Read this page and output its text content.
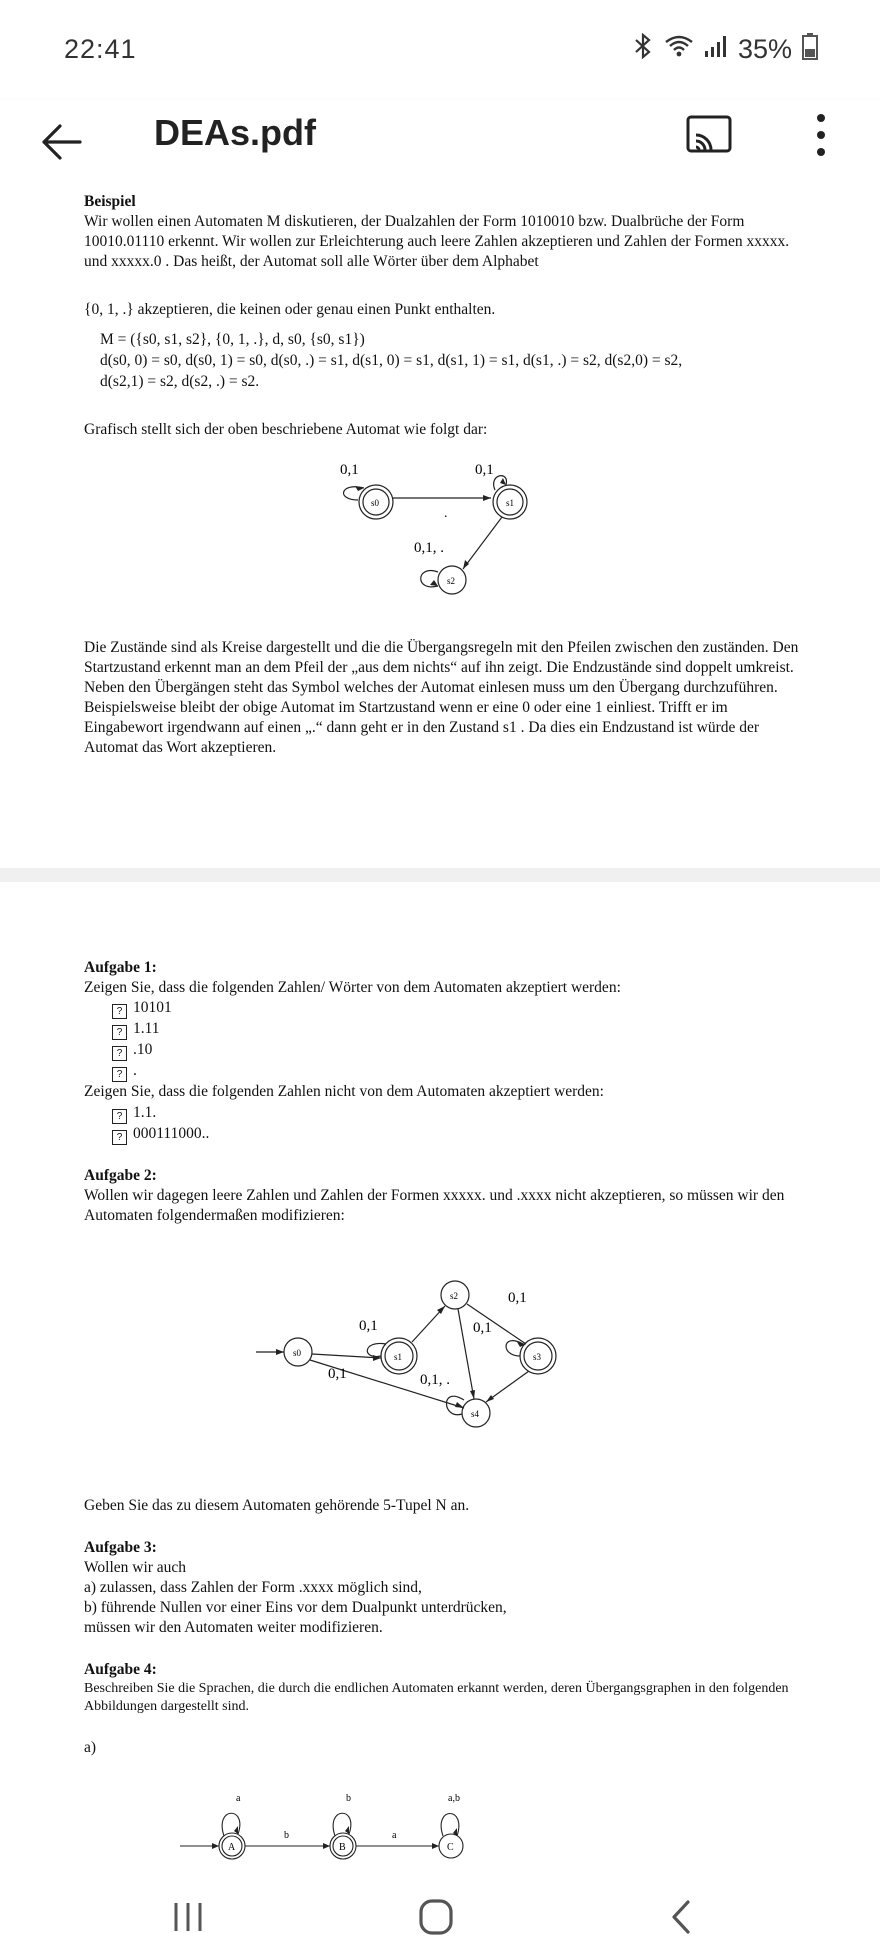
22:41	35%
DEAs.pdf
Beispiel
Wir wollen einen Automaten M diskutieren, der Dualzahlen der Form 1010010 bzw. Dualbrüche der Form 10010.01110 erkennt. Wir wollen zur Erleichterung auch leere Zahlen akzeptieren und Zahlen der Formen xxxxx. und xxxxx.0 . Das heißt, der Automat soll alle Wörter über dem Alphabet
{0, 1, .} akzeptieren, die keinen oder genau einen Punkt enthalten.
M = ({s0, s1, s2}, {0, 1, .}, d, s0, {s0, s1})
d(s0, 0) = s0, d(s0, 1) = s0, d(s0, .) = s1, d(s1, 0) = s1, d(s1, 1) = s1, d(s1, .) = s2, d(s2,0) = s2,
d(s2,1) = s2, d(s2, .) = s2.
Grafisch stellt sich der oben beschriebene Automat wie folgt dar:
0,1	0,1
0,1, .
s0	s1
s2
.
Die Zustände sind als Kreise dargestellt und die die Übergangsregeln mit den Pfeilen zwischen den zuständen. Den Startzustand erkennt man an dem Pfeil der „aus dem nichts“ auf ihn zeigt. Die Endzustände sind doppelt umkreist. Neben den Übergängen steht das Symbol welches der Automat einlesen muss um den Übergang durchzuführen. Beispielsweise bleibt der obige Automat im Startzustand wenn er eine 0 oder eine 1 einliest. Trifft er im Eingabewort irgendwann auf einen „.“ dann geht er in den Zustand s1 . Da dies ein Endzustand ist würde der Automat das Wort akzeptieren.
Aufgabe 1:
Zeigen Sie, dass die folgenden Zahlen/ Wörter von dem Automaten akzeptiert werden:
? 10101
? 1.11
? .10
? .
Zeigen Sie, dass die folgenden Zahlen nicht von dem Automaten akzeptiert werden:
? 1.1.
? 000111000..
Aufgabe 2:
Wollen wir dagegen leere Zahlen und Zahlen der Formen xxxxx. und .xxxx nicht akzeptieren, so müssen wir den Automaten folgendermaßen modifizieren:
0,1
0,1
0,1
0,1
0,1, .
s0	s1
s2
s3
s4
Geben Sie das zu diesem Automaten gehörende 5-Tupel N an.
Aufgabe 3:
Wollen wir auch
a) zulassen, dass Zahlen der Form .xxxx möglich sind,
b) führende Nullen vor einer Eins vor dem Dualpunkt unterdrücken,
müssen wir den Automaten weiter modifizieren.
Aufgabe 4:
Beschreiben Sie die Sprachen, die durch die endlichen Automaten erkannt werden, deren Übergangsgraphen in den folgenden Abbildungen dargestellt sind.
a)
a	b	a,b
A	B	C
b	a
